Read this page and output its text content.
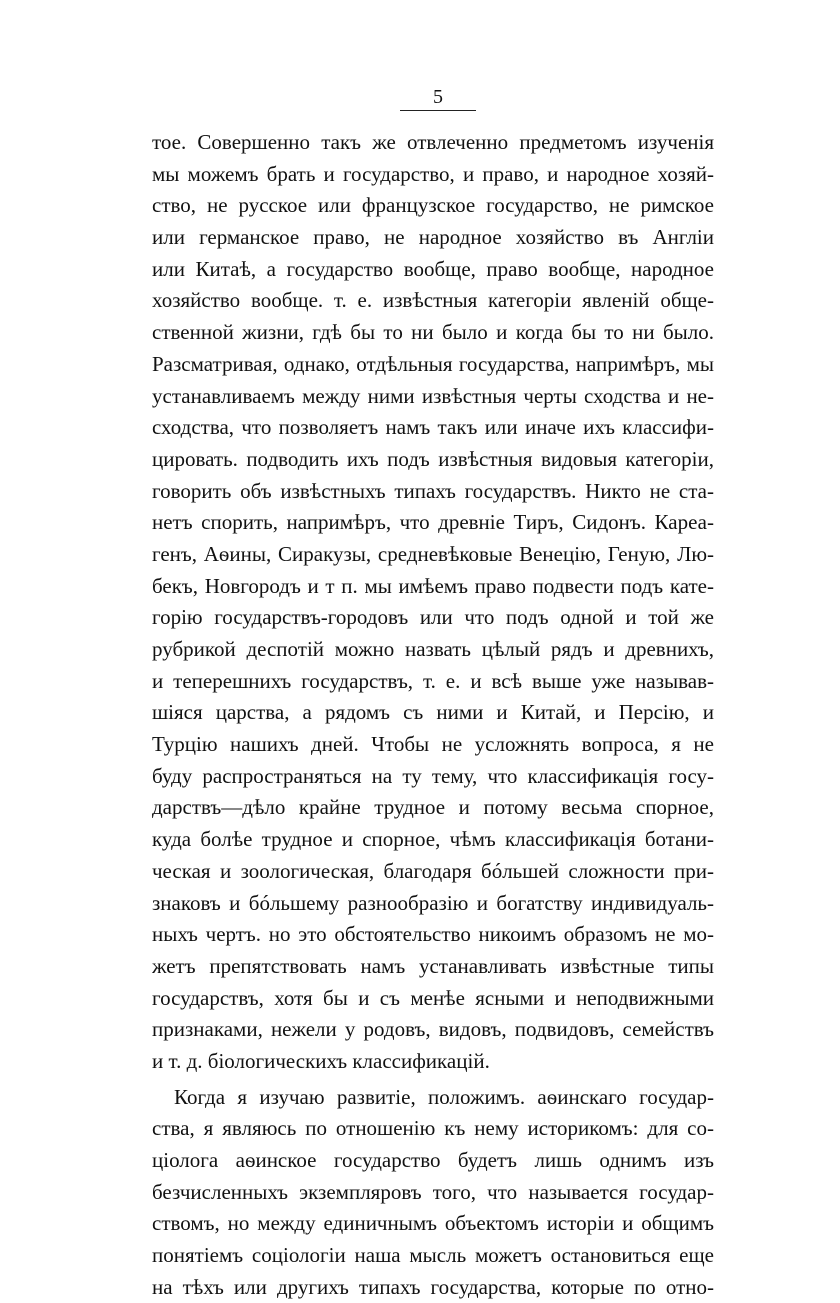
5
тое. Совершенно такъ же отвлеченно предметомъ изученія
мы можемъ брать и государство, и право, и народное хозяй-
ство, не русское или французское государство, не римское
или германское право, не народное хозяйство въ Англіи
или Китаѣ, а государство вообще, право вообще, народное
хозяйство вообще. т. е. извѣстныя категоріи явленій обще-
ственной жизни, гдѣ бы то ни было и когда бы то ни было.
Разсматривая, однако, отдѣльныя государства, напримѣръ, мы
устанавливаемъ между ними извѣстныя черты сходства и не-
сходства, что позволяетъ намъ такъ или иначе ихъ классифи-
цировать. подводить ихъ подъ извѣстныя видовыя категоріи,
говорить объ извѣстныхъ типахъ государствъ. Никто не ста-
нетъ спорить, напримѣръ, что древніе Тиръ, Сидонъ. Кареа-
генъ, Аѳины, Сиракузы, средневѣковые Венецію, Геную, Лю-
бекъ, Новгородъ и т п. мы имѣемъ право подвести подъ кате-
горію государствъ-городовъ или что подъ одной и той же
рубрикой деспотій можно назвать цѣлый рядъ и древнихъ,
и теперешнихъ государствъ, т. е. и всѣ выше уже называв-
шіяся царства, а рядомъ съ ними и Китай, и Персію, и
Турцію нашихъ дней. Чтобы не усложнять вопроса, я не
буду распространяться на ту тему, что классификація госу-
дарствъ—дѣло крайне трудное и потому весьма спорное,
куда болѣе трудное и спорное, чѣмъ классификація ботани-
ческая и зоологическая, благодаря бóльшей сложности при-
знаковъ и бóльшему разнообразію и богатству индивидуаль-
ныхъ чертъ. но это обстоятельство никоимъ образомъ не мо-
жетъ препятствовать намъ устанавливать извѣстные типы
государствъ, хотя бы и съ менѣе ясными и неподвижными
признаками, нежели у родовъ, видовъ, подвидовъ, семействъ
и т. д. біологическихъ классификацій.
Когда я изучаю развитіе, положимъ. аѳинскаго государ-
ства, я являюсь по отношенію къ нему историкомъ: для со-
ціолога аѳинское государство будетъ лишь однимъ изъ
безчисленныхъ экземпляровъ того, что называется государ-
ствомъ, но между единичнымъ объектомъ исторіи и общимъ
понятіемъ соціологіи наша мысль можетъ остановиться еще
на тѣхъ или другихъ типахъ государства, которые по отно-
